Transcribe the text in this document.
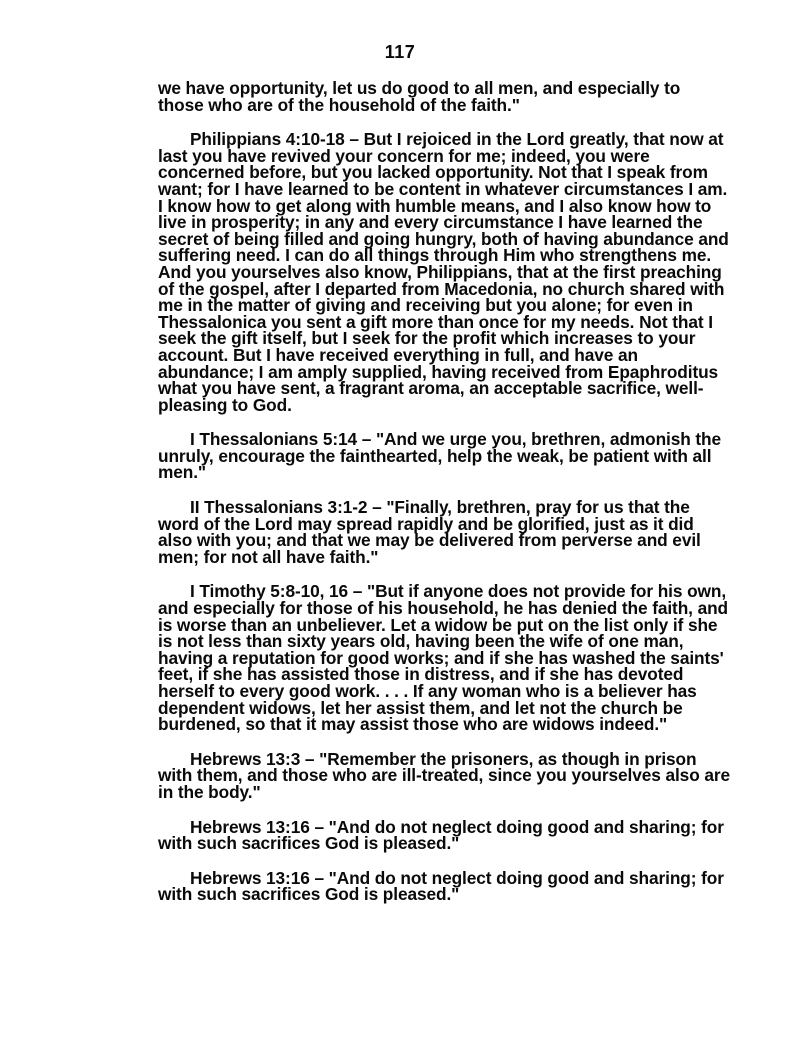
117

we have opportunity, let us do good to all men, and especially to those who are of the household of the faith."

Philippians 4:10-18 – But I rejoiced in the Lord greatly, that now at last you have revived your concern for me; indeed, you were concerned before, but you lacked opportunity. Not that I speak from want; for I have learned to be content in whatever circumstances I am. I know how to get along with humble means, and I also know how to live in prosperity; in any and every circumstance I have learned the secret of being filled and going hungry, both of having abundance and suffering need. I can do all things through Him who strengthens me. And you yourselves also know, Philippians, that at the first preaching of the gospel, after I departed from Macedonia, no church shared with me in the matter of giving and receiving but you alone; for even in Thessalonica you sent a gift more than once for my needs. Not that I seek the gift itself, but I seek for the profit which increases to your account. But I have received everything in full, and have an abundance; I am amply supplied, having received from Epaphroditus what you have sent, a fragrant aroma, an acceptable sacrifice, well-pleasing to God.

I Thessalonians 5:14 – "And we urge you, brethren, admonish the unruly, encourage the fainthearted, help the weak, be patient with all men."

II Thessalonians 3:1-2 – "Finally, brethren, pray for us that the word of the Lord may spread rapidly and be glorified, just as it did also with you; and that we may be delivered from perverse and evil men; for not all have faith."

I Timothy 5:8-10, 16 – "But if anyone does not provide for his own, and especially for those of his household, he has denied the faith, and is worse than an unbeliever. Let a widow be put on the list only if she is not less than sixty years old, having been the wife of one man, having a reputation for good works; and if she has washed the saints' feet, if she has assisted those in distress, and if she has devoted herself to every good work. . . . If any woman who is a believer has dependent widows, let her assist them, and let not the church be burdened, so that it may assist those who are widows indeed."

Hebrews 13:3 – "Remember the prisoners, as though in prison with them, and those who are ill-treated, since you yourselves also are in the body."

Hebrews 13:16 – "And do not neglect doing good and sharing; for with such sacrifices God is pleased."

Hebrews 13:16 – "And do not neglect doing good and sharing; for with such sacrifices God is pleased."
